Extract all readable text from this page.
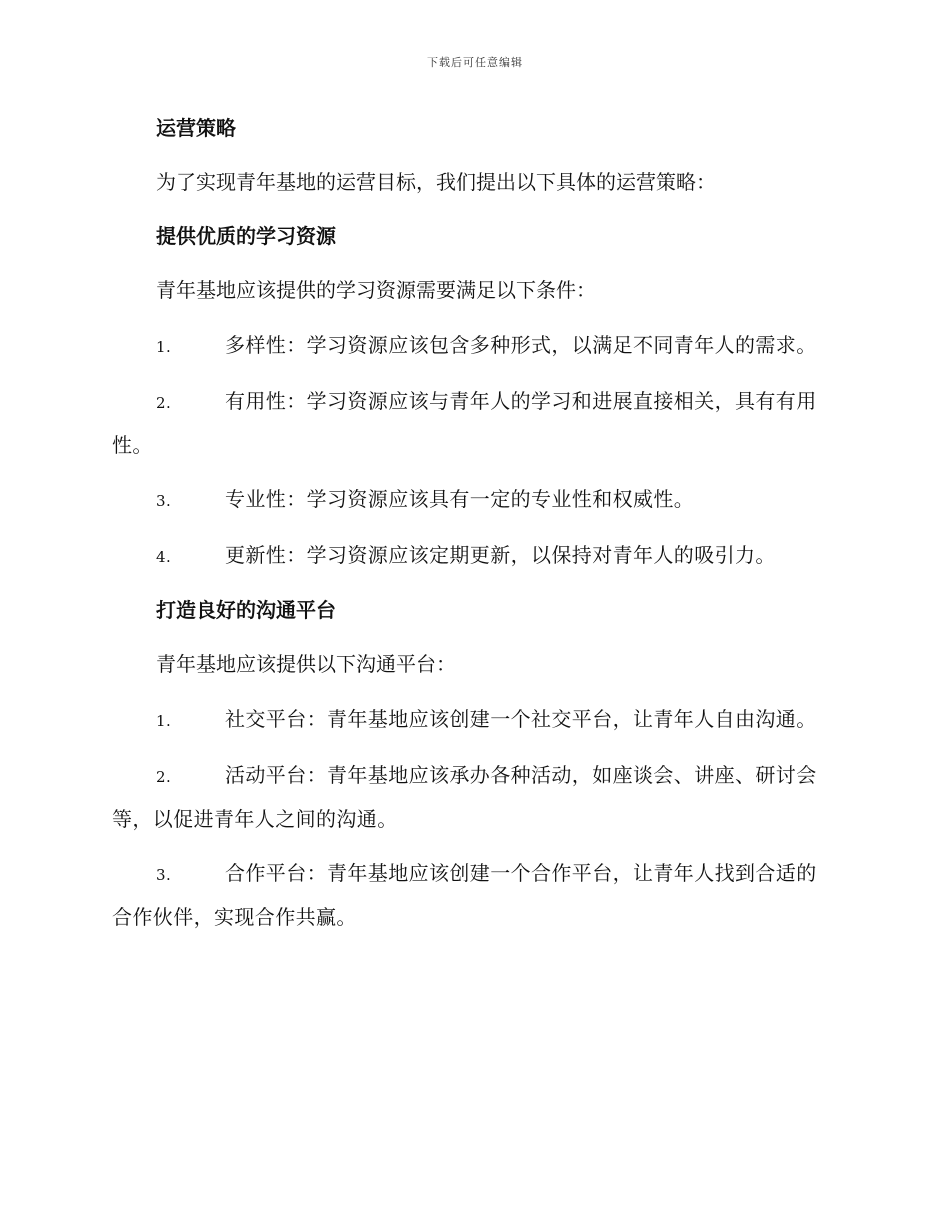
下载后可任意编辑
运营策略
为了实现青年基地的运营目标，我们提出以下具体的运营策略：
提供优质的学习资源
青年基地应该提供的学习资源需要满足以下条件：
1.	多样性：学习资源应该包含多种形式，以满足不同青年人的需求。
2.	有用性：学习资源应该与青年人的学习和进展直接相关，具有有用性。
3.	专业性：学习资源应该具有一定的专业性和权威性。
4.	更新性：学习资源应该定期更新，以保持对青年人的吸引力。
打造良好的沟通平台
青年基地应该提供以下沟通平台：
1.	社交平台：青年基地应该创建一个社交平台，让青年人自由沟通。
2.	活动平台：青年基地应该承办各种活动，如座谈会、讲座、研讨会等，以促进青年人之间的沟通。
3.	合作平台：青年基地应该创建一个合作平台，让青年人找到合适的合作伙伴，实现合作共赢。
